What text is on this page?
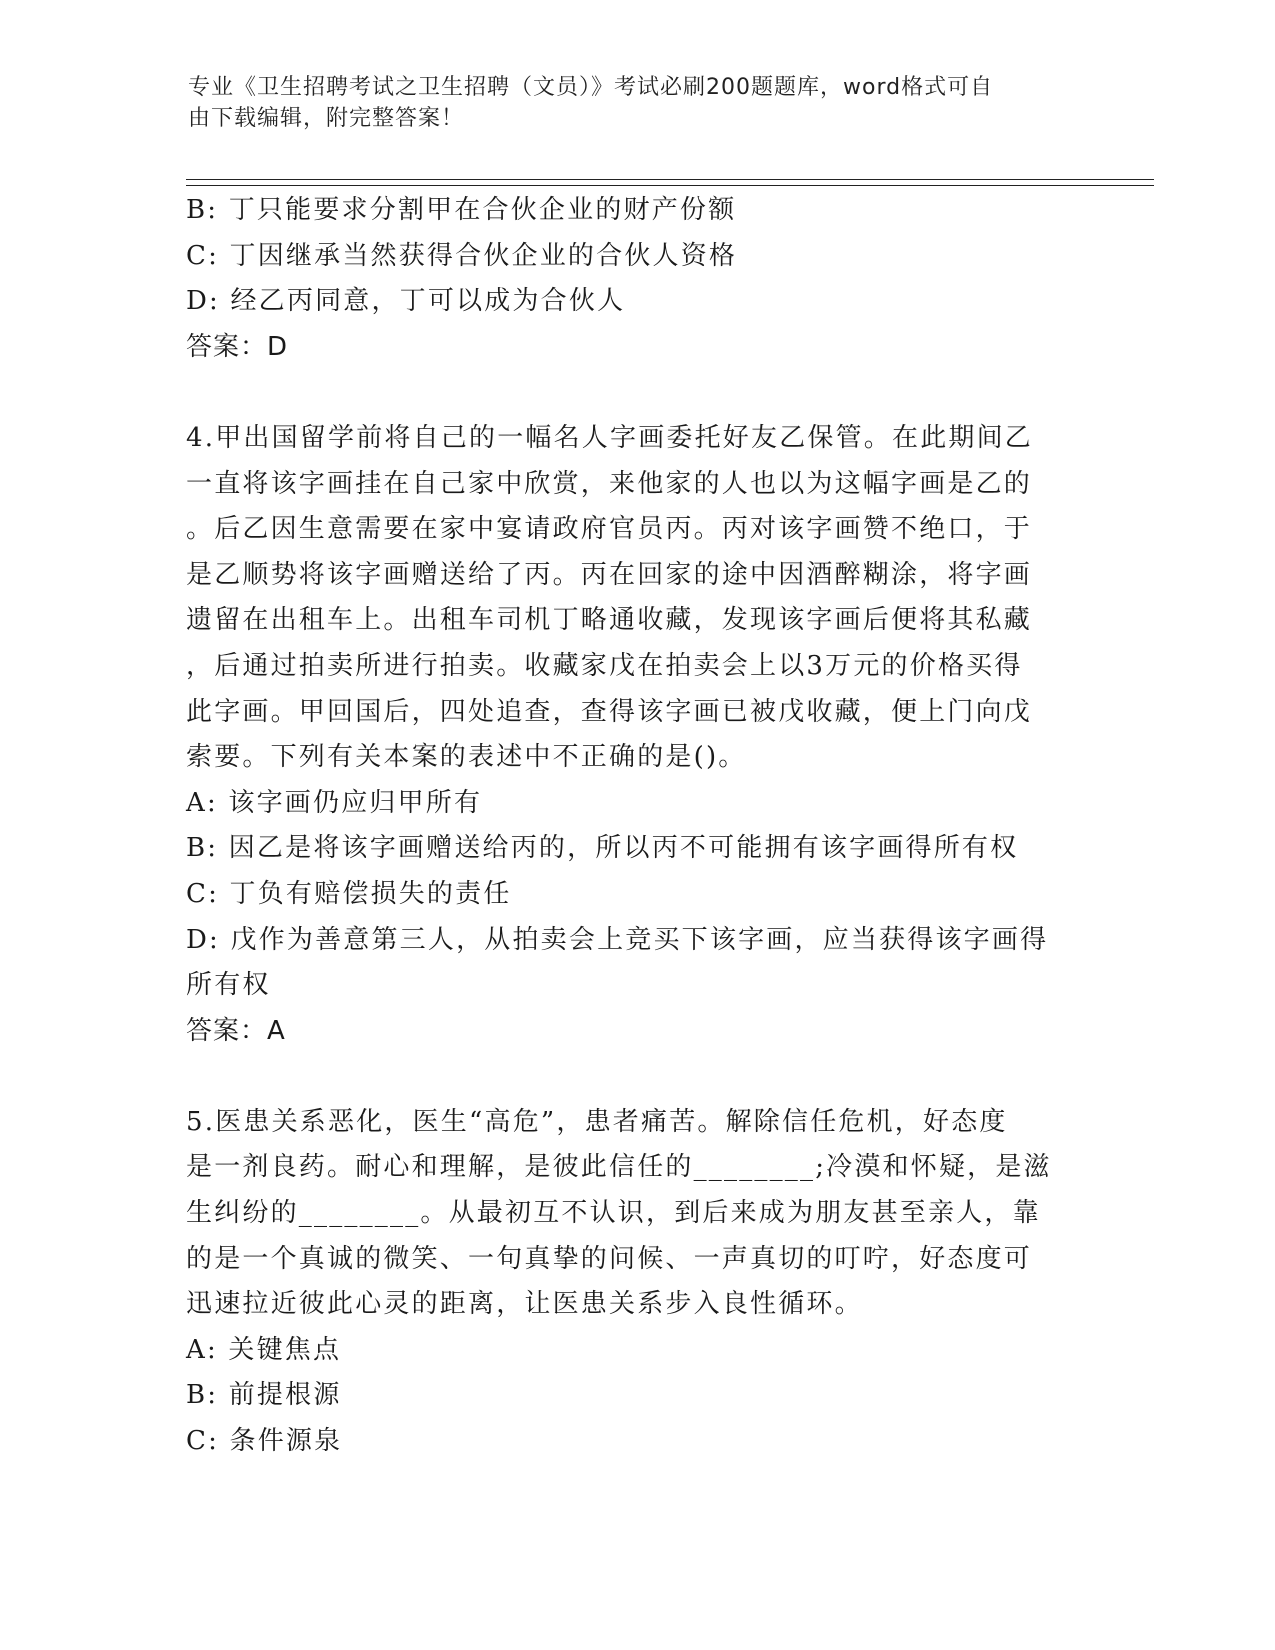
专业《卫生招聘考试之卫生招聘（文员）》考试必刷200题题库，word格式可自
由下载编辑，附完整答案！

B: 丁只能要求分割甲在合伙企业的财产份额

C: 丁因继承当然获得合伙企业的合伙人资格

D: 经乙丙同意，丁可以成为合伙人

答案：D

4.甲出国留学前将自己的一幅名人字画委托好友乙保管。在此期间乙

一直将该字画挂在自己家中欣赏，来他家的人也以为这幅字画是乙的

。后乙因生意需要在家中宴请政府官员丙。丙对该字画赞不绝口，于

是乙顺势将该字画赠送给了丙。丙在回家的途中因酒醉糊涂，将字画

遗留在出租车上。出租车司机丁略通收藏，发现该字画后便将其私藏

，后通过拍卖所进行拍卖。收藏家戊在拍卖会上以3万元的价格买得

此字画。甲回国后，四处追查，查得该字画已被戊收藏，便上门向戊

索要。下列有关本案的表述中不正确的是()。

A: 该字画仍应归甲所有

B: 因乙是将该字画赠送给丙的，所以丙不可能拥有该字画得所有权

C: 丁负有赔偿损失的责任

D: 戊作为善意第三人，从拍卖会上竞买下该字画，应当获得该字画得

所有权

答案：A

5.医患关系恶化，医生“高危”，患者痛苦。解除信任危机，好态度

是一剂良药。耐心和理解，是彼此信任的________;冷漠和怀疑，是滋

生纠纷的________。从最初互不认识，到后来成为朋友甚至亲人，靠

的是一个真诚的微笑、一句真挚的问候、一声真切的叮咛，好态度可

迅速拉近彼此心灵的距离，让医患关系步入良性循环。

A: 关键焦点

B: 前提根源

C: 条件源泉
